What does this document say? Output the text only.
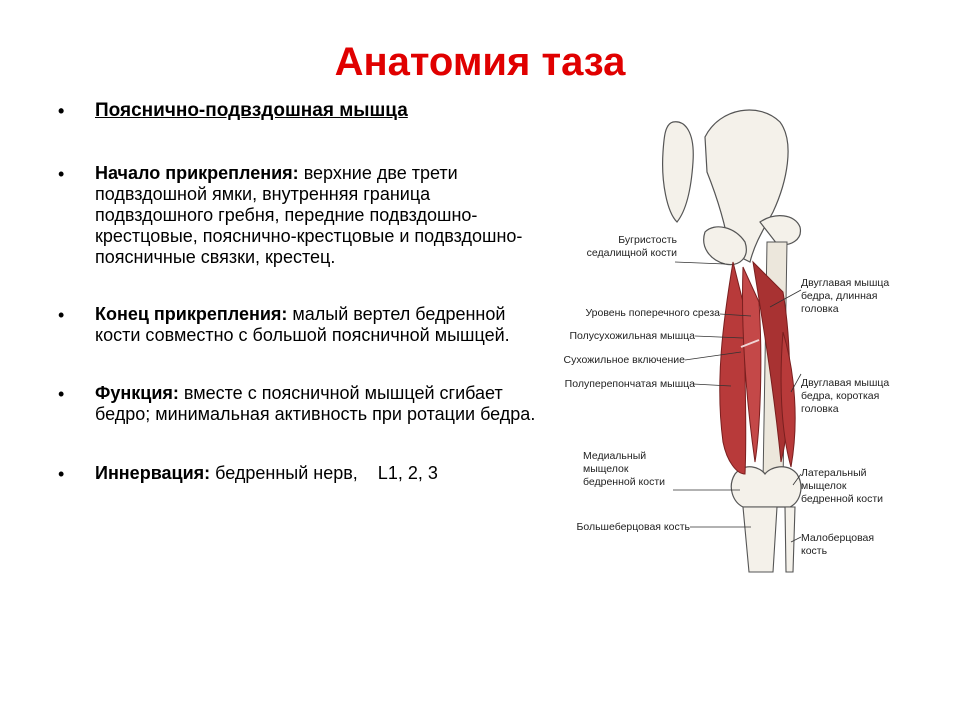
Анатомия таза
• Пояснично-подвздошная мышца
• Начало прикрепления: верхние две трети подвздошной ямки, внутренняя граница подвздошного гребня, передние подвздошно-крестцовые, пояснично-крестцовые и подвздошно-поясничные связки, крестец.
• Конец прикрепления: малый вертел бедренной кости совместно с большой поясничной мышцей.
• Функция: вместе с поясничной мышцей сгибает бедро; минимальная активность при ротации бедра.
• Иннервация: бедренный нерв,    L1, 2, 3
Бугристость седалищной кости
Уровень поперечного среза
Полусухожильная мышца
Сухожильное включение
Полуперепончатая мышца
Медиальный мыщелок бедренной кости
Большеберцовая кость
Двуглавая мышца бедра, длинная головка
Двуглавая мышца бедра, короткая головка
Латеральный мыщелок бедренной кости
Малоберцовая кость
